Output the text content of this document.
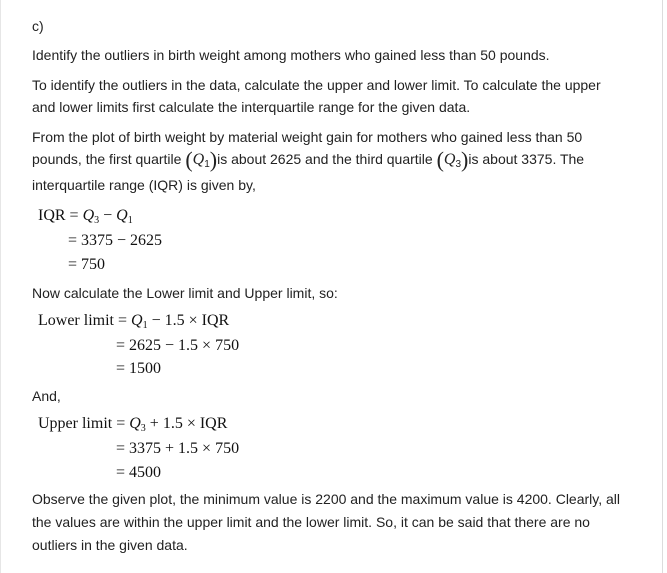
c)
Identify the outliers in birth weight among mothers who gained less than 50 pounds.
To identify the outliers in the data, calculate the upper and lower limit. To calculate the upper
and lower limits first calculate the interquartile range for the given data.
From the plot of birth weight by material weight gain for mothers who gained less than 50
pounds, the first quartile $(Q_1)is$ about 2625 and the third quartile $(Q_3)is$ about 3375. The
interquartile range (IQR) is given by,
IQR = $Q_3 - Q_1$
= 3375 − 2625
= 750
Now calculate the Lower limit and Upper limit, so:
Lower limit = $Q_1 - 1.5$ × IQR
= 2625 − 1.5 × 750
= 1500
And,
Upper limit = $Q_3 + 1.5$ × IQR
= 3375 + 1.5 × 750
= 4500
Observe the given plot, the minimum value is 2200 and the maximum value is 4200. Clearly, all
the values are within the upper limit and the lower limit. So, it can be said that there are no
outliers in the given data.
